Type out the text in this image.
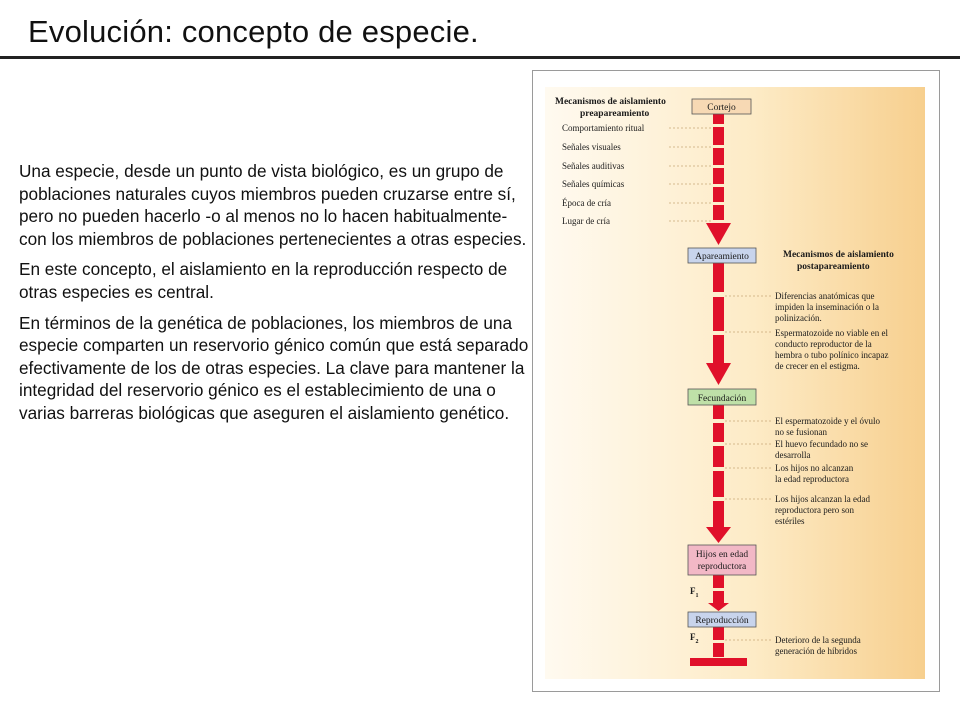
Evolución: concepto de especie.

Una especie, desde un punto de vista biológico, es un grupo de poblaciones naturales cuyos miembros pueden cruzarse entre sí, pero no pueden hacerlo -o al menos no lo hacen habitualmente- con los miembros de poblaciones pertenecientes a otras especies.

En este concepto, el aislamiento en la reproducción respecto de otras especies es central.

En términos de la genética de poblaciones, los miembros de una especie comparten un reservorio génico común que está separado efectivamente de los de otras especies. La clave para mantener la integridad del reservorio génico es el establecimiento de una o varias barreras biológicas que aseguren el aislamiento genético.

Cortejo
Apareamiento
Fecundación
Hijos en edad
reproductora
Reproducción
Mecanismos de aislamiento
preapareamiento
Mecanismos de aislamiento
postapareamiento
Comportamiento ritual
Señales visuales
Señales auditivas
Señales químicas
Época de cría
Lugar de cría
Diferencias anatómicas que
impiden la inseminación o la
polinización.
Espermatozoide no viable en el
conducto reproductor de la
hembra o tubo polínico incapaz
de crecer en el estigma.
El espermatozoide y el óvulo
no se fusionan
El huevo fecundado no se
desarrolla
Los hijos no alcanzan
la edad reproductora
Los hijos alcanzan la edad
reproductora pero son
estériles
Deterioro de la segunda
generación de híbridos
$F_1$
$F_2$
